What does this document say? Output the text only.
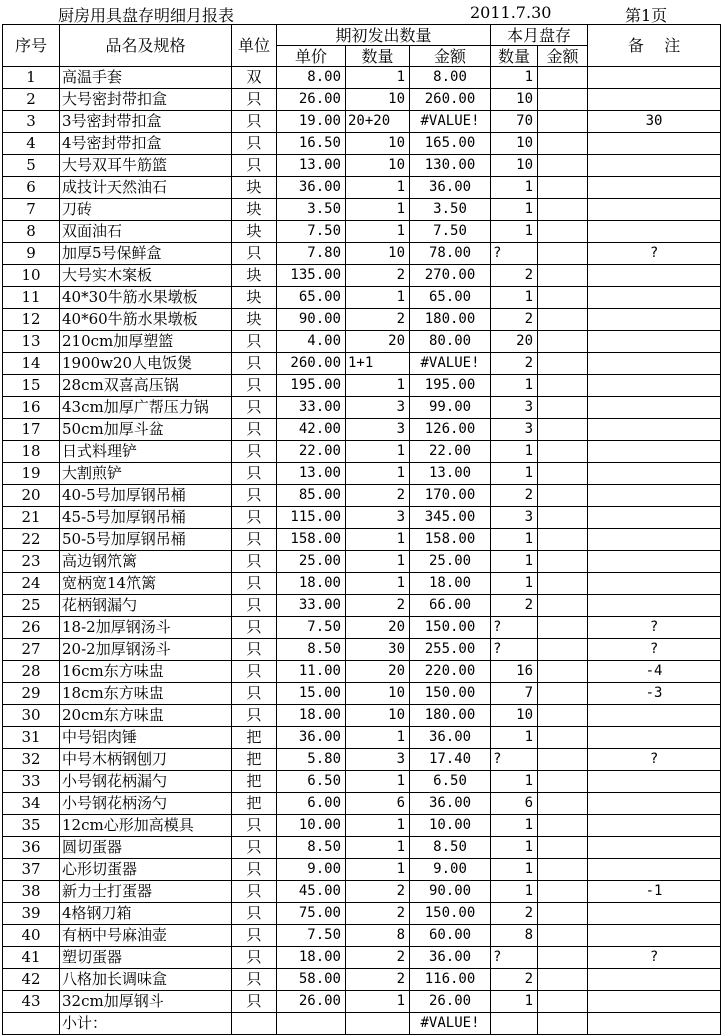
厨房用具盘存明细月报表	2011.7.30	第1页
序号	品名及规格	单位	期初发出数量			本月盘存		备    注
			单价	数量	金额	数量	金额	
1	高温手套	双	8.00	1	8.00	1		
2	大号密封带扣盒	只	26.00	10	260.00	10		
3	3号密封带扣盒	只	19.00	20+20	#VALUE!	70		30
4	4号密封带扣盒	只	16.50	10	165.00	10		
5	大号双耳牛筋篮	只	13.00	10	130.00	10		
6	成技计天然油石	块	36.00	1	36.00	1		
7	刀砖	块	3.50	1	3.50	1		
8	双面油石	块	7.50	1	7.50	1		
9	加厚5号保鲜盒	只	7.80	10	78.00	?		?
10	大号实木案板	块	135.00	2	270.00	2		
11	40*30牛筋水果墩板	块	65.00	1	65.00	1		
12	40*60牛筋水果墩板	块	90.00	2	180.00	2		
13	210cm加厚塑篮	只	4.00	20	80.00	20		
14	1900w20人电饭煲	只	260.00	1+1	#VALUE!	2		
15	28cm双喜高压锅	只	195.00	1	195.00	1		
16	43cm加厚广帮压力锅	只	33.00	3	99.00	3		
17	50cm加厚斗盆	只	42.00	3	126.00	3		
18	日式料理铲	只	22.00	1	22.00	1		
19	大割煎铲	只	13.00	1	13.00	1		
20	40-5号加厚钢吊桶	只	85.00	2	170.00	2		
21	45-5号加厚钢吊桶	只	115.00	3	345.00	3		
22	50-5号加厚钢吊桶	只	158.00	1	158.00	1		
23	高边钢笊篱	只	25.00	1	25.00	1		
24	宽柄宽14笊篱	只	18.00	1	18.00	1		
25	花柄钢漏勺	只	33.00	2	66.00	2		
26	18-2加厚钢汤斗	只	7.50	20	150.00	?		?
27	20-2加厚钢汤斗	只	8.50	30	255.00	?		?
28	16cm东方味盅	只	11.00	20	220.00	16		-4
29	18cm东方味盅	只	15.00	10	150.00	7		-3
30	20cm东方味盅	只	18.00	10	180.00	10		
31	中号铝肉锤	把	36.00	1	36.00	1		
32	中号木柄钢刨刀	把	5.80	3	17.40	?		?
33	小号钢花柄漏勺	把	6.50	1	6.50	1		
34	小号钢花柄汤勺	把	6.00	6	36.00	6		
35	12cm心形加高模具	只	10.00	1	10.00	1		
36	圆切蛋器	只	8.50	1	8.50	1		
37	心形切蛋器	只	9.00	1	9.00	1		
38	新力士打蛋器	只	45.00	2	90.00	1		-1
39	4格钢刀箱	只	75.00	2	150.00	2		
40	有柄中号麻油壶	只	7.50	8	60.00	8		
41	塑切蛋器	只	18.00	2	36.00	?		?
42	八格加长调味盒	只	58.00	2	116.00	2		
43	32cm加厚钢斗	只	26.00	1	26.00	1		
	小计：				#VALUE!			
